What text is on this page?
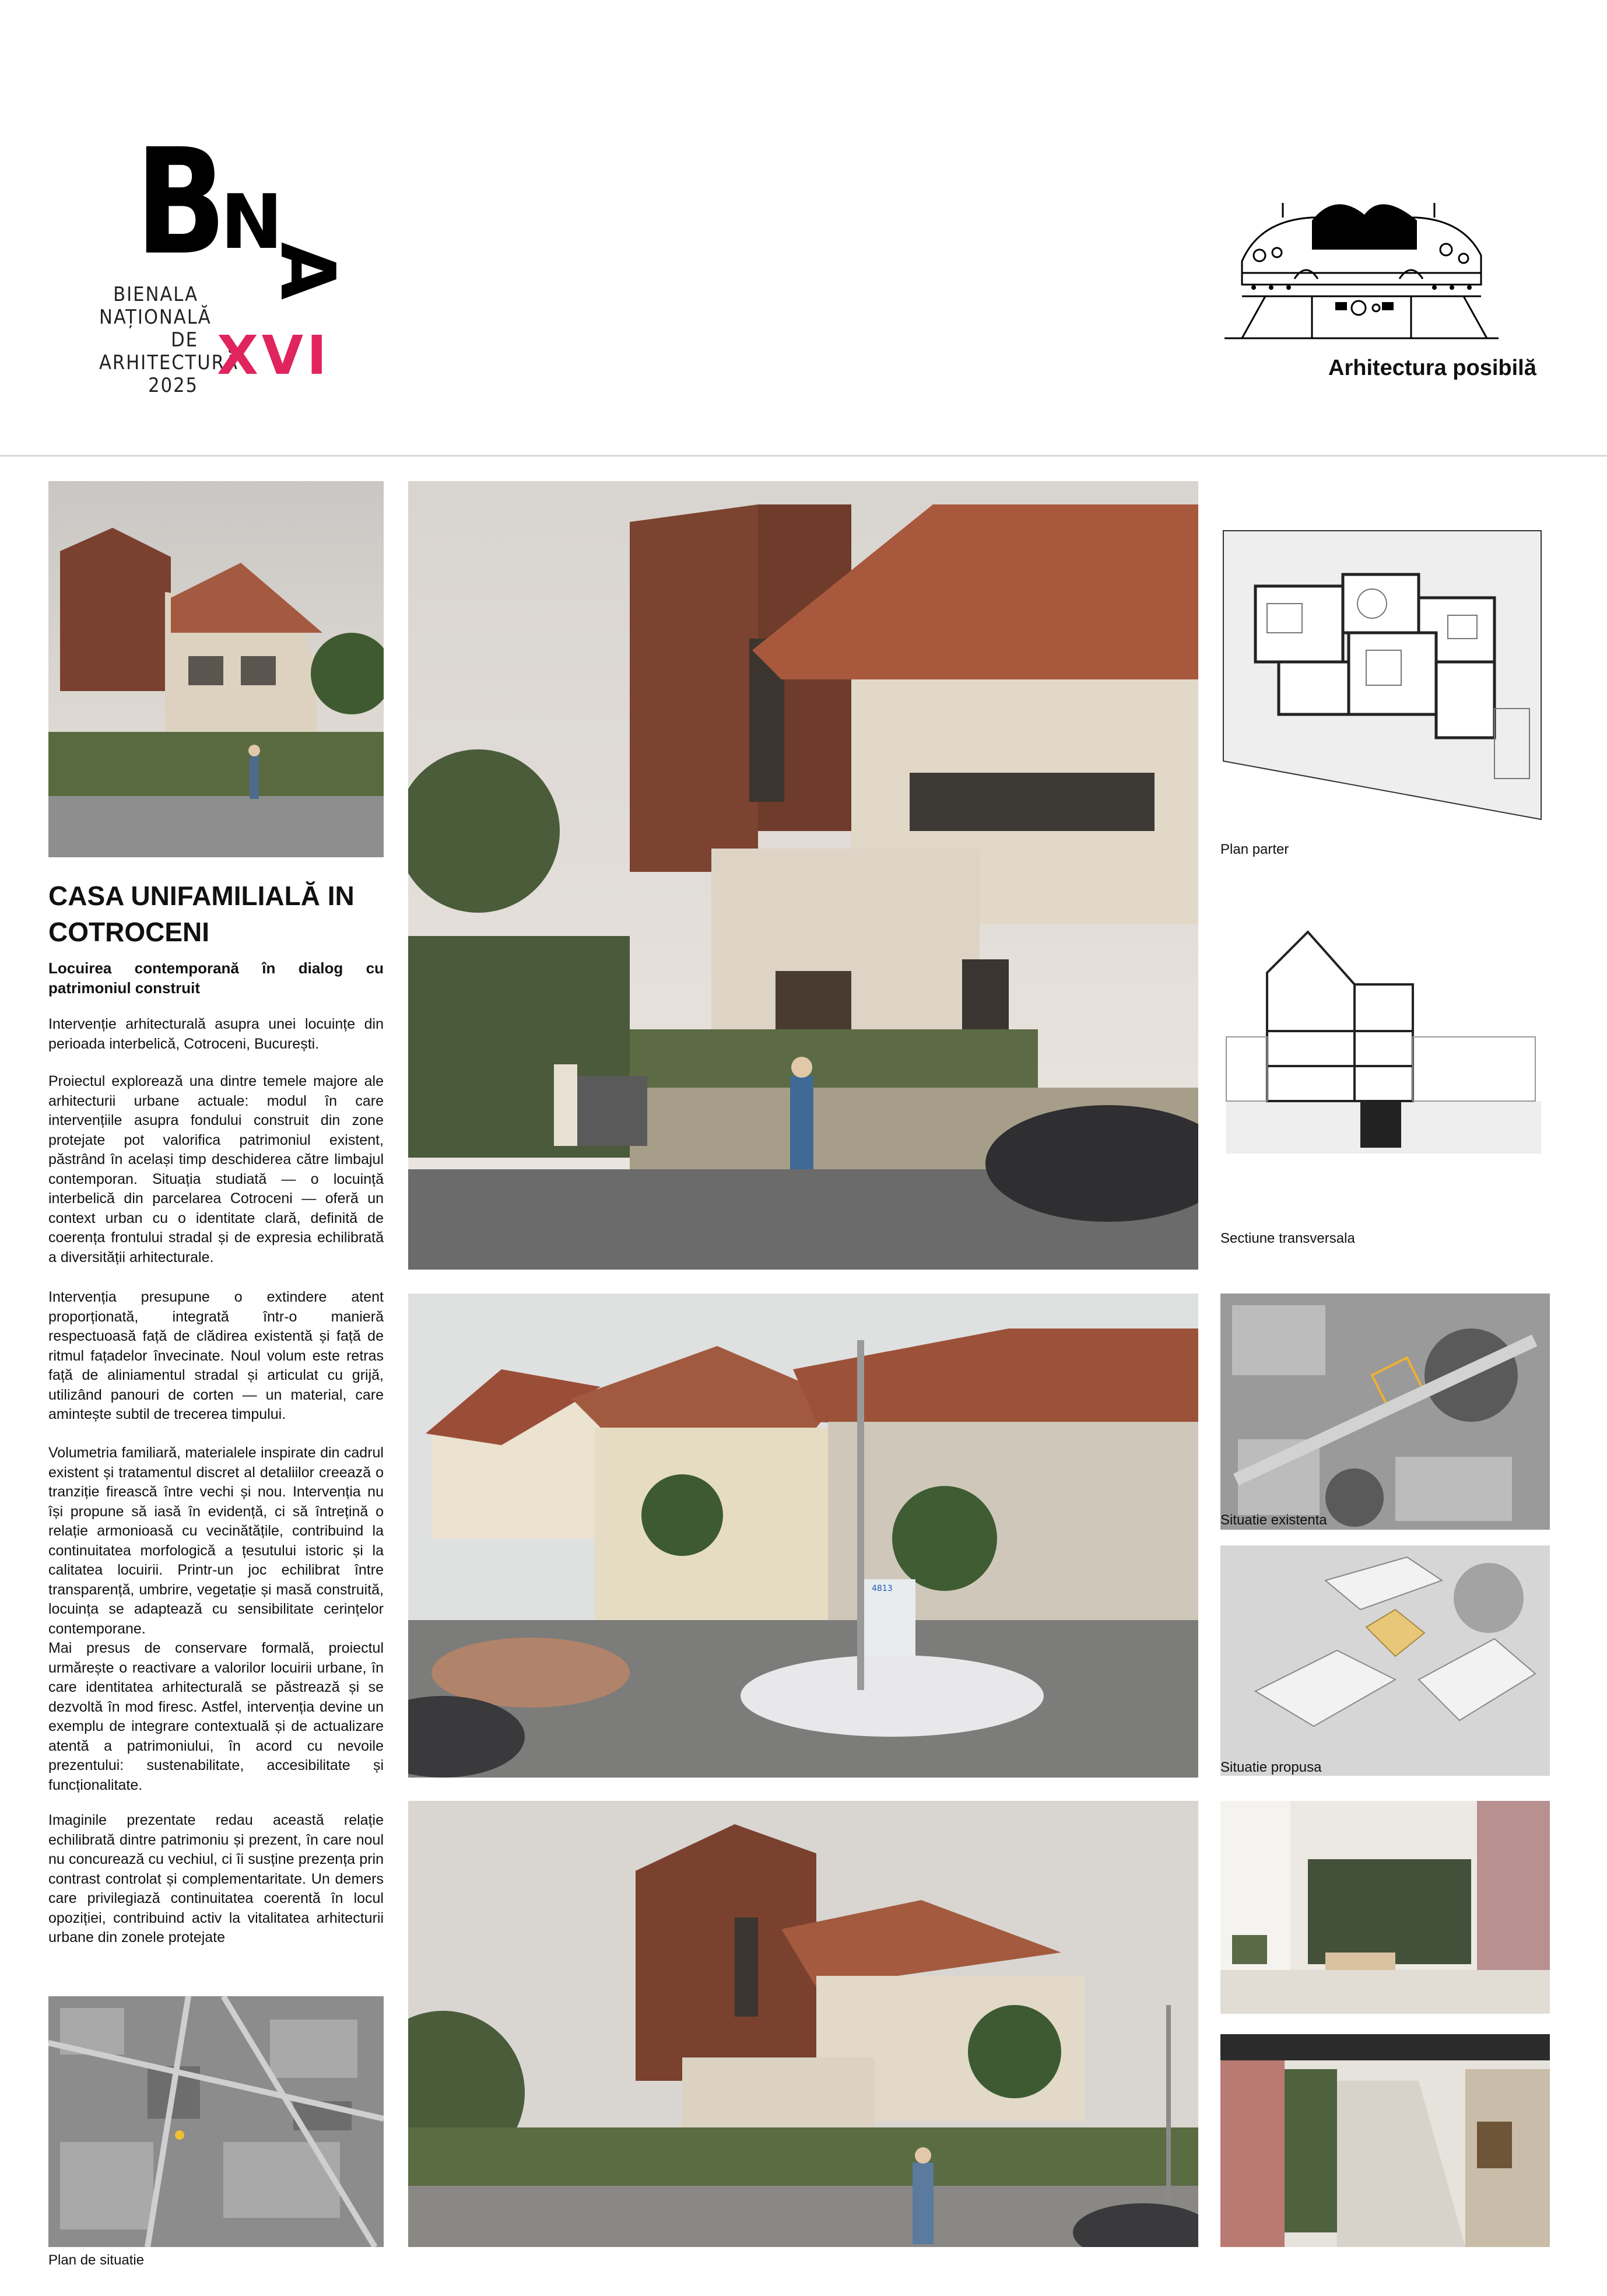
B
N
A
BIENALA
NAȚIONALĂ
DE
ARHITECTURĂ
2025 XVI	Arhitectura posibilă
CASA UNIFAMILIALĂ IN
COTROCENI
Locuirea contemporană în dialog cu patrimoniul construit

Intervenție arhitecturală asupra unei locuințe din perioada interbelică, Cotroceni, București.

Proiectul explorează una dintre temele majore ale arhitecturii urbane actuale: modul în care intervențiile asupra fondului construit din zone protejate pot valorifica patrimoniul existent, păstrând în același timp deschiderea către limbajul contemporan. Situația studiată — o locuință interbelică din parcelarea Cotroceni — oferă un context urban cu o identitate clară, definită de coerența frontului stradal și de expresia echilibrată a diversității arhitecturale.

Intervenția presupune o extindere atent proporționată, integrată într-o manieră respectuoasă față de clădirea existentă și față de ritmul fațadelor învecinate. Noul volum este retras față de aliniamentul stradal și articulat cu grijă, utilizând panouri de corten — un material, care amintește subtil de trecerea timpului.

Volumetria familiară, materialele inspirate din cadrul existent și tratamentul discret al detaliilor creează o tranziție firească între vechi și nou. Intervenția nu își propune să iasă în evidență, ci să întrețină o relație armonioasă cu vecinătățile, contribuind la continuitatea morfologică a țesutului istoric și la calitatea locuirii. Printr-un joc echilibrat între transparență, umbrire, vegetație și masă construită, locuința se adaptează cu sensibilitate cerințelor contemporane.
Mai presus de conservare formală, proiectul urmărește o reactivare a valorilor locuirii urbane, în care identitatea arhitecturală se păstrează și se dezvoltă în mod firesc. Astfel, intervenția devine un exemplu de integrare contextuală și de actualizare atentă a patrimoniului, în acord cu nevoile prezentului: sustenabilitate, accesibilitate și funcționalitate.

Imaginile prezentate redau această relație echilibrată dintre patrimoniu și prezent, în care noul nu concurează cu vechiul, ci îi susține prezența prin contrast controlat și complementaritate. Un demers care privilegiază continuitatea coerentă în locul opoziției, contribuind activ la vitalitatea arhitecturii urbane din zonele protejate

Plan de situatie
4813
Plan parter
Sectiune transversala
Situatie existenta
Situatie propusa
